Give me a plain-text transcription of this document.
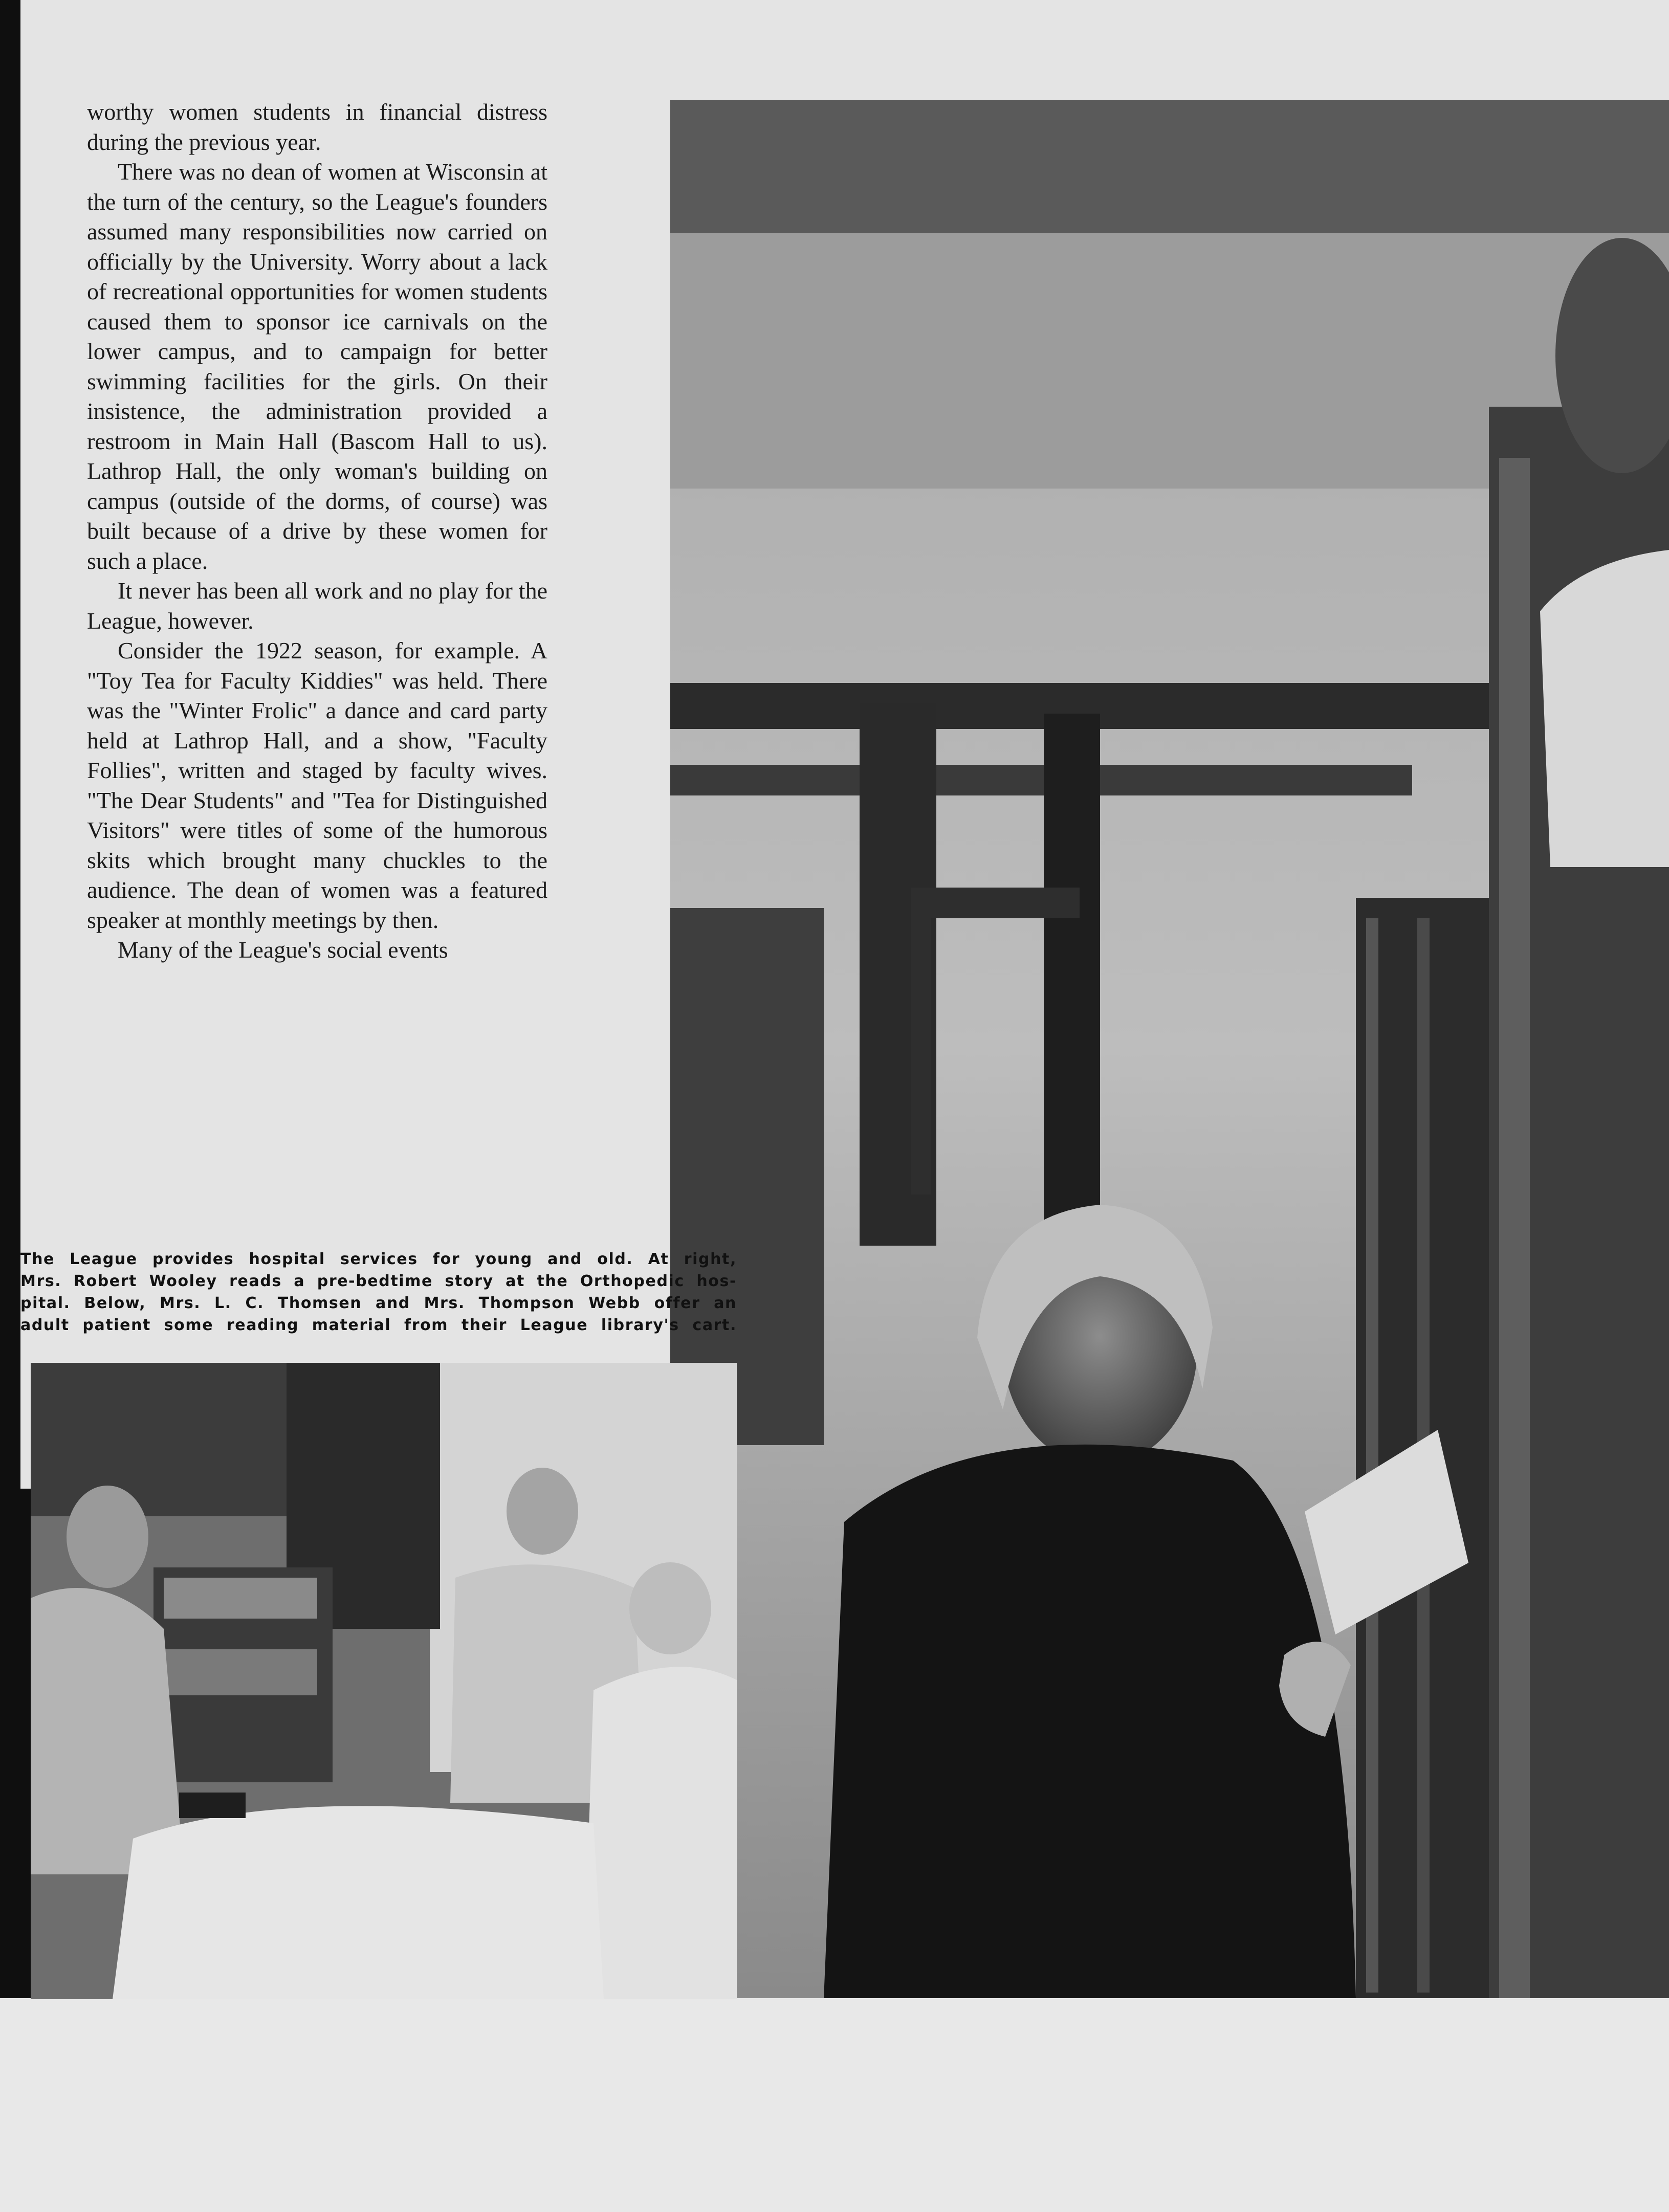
worthy women students in financial distress during the previous year.

There was no dean of women at Wisconsin at the turn of the century, so the League's founders assumed many responsibilities now carried on officially by the University. Worry about a lack of recreational opportunities for women students caused them to sponsor ice carnivals on the lower campus, and to campaign for better swimming facilities for the girls. On their insistence, the administration provided a restroom in Main Hall (Bascom Hall to us). Lathrop Hall, the only woman's building on campus (outside of the dorms, of course) was built because of a drive by these women for such a place.

It never has been all work and no play for the League, however.

Consider the 1922 season, for example. A "Toy Tea for Faculty Kiddies" was held. There was the "Winter Frolic" a dance and card party held at Lathrop Hall, and a show, "Faculty Follies", written and staged by faculty wives. "The Dear Students" and "Tea for Distinguished Visitors" were titles of some of the humorous skits which brought many chuckles to the audience. The dean of women was a featured speaker at monthly meetings by then.

Many of the League's social events

The League provides hospital services for young and old. At right,
Mrs. Robert Wooley reads a pre-bedtime story at the Orthopedic hos-
pital. Below, Mrs. L. C. Thomsen and Mrs. Thompson Webb offer an
adult patient some reading material from their League library's cart.
